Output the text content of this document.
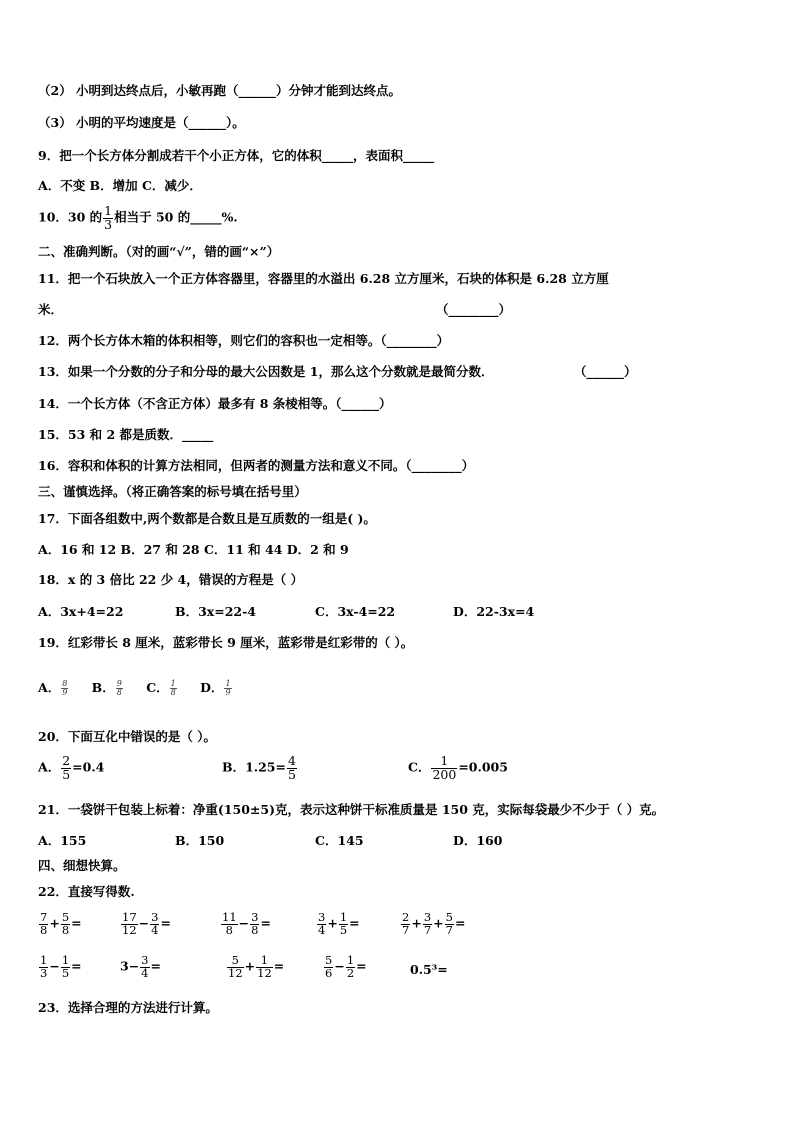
（2） 小明到达终点后，小敏再跑（______）分钟才能到达终点。
（3） 小明的平均速度是（______）。
9．把一个长方体分割成若干个小正方体，它的体积_____，表面积_____
A．不变 B．增加 C．减少．
10．30 的 $\frac{1}{3}$ 相当于 50 的_____%.
二、准确判断。（对的画“√”，错的画“×”）
11．把一个石块放入一个正方体容器里，容器里的水溢出 6.28 立方厘米，石块的体积是 6.28 立方厘
米．	（________）
12．两个长方体木箱的体积相等，则它们的容积也一定相等。（________）
13．如果一个分数的分子和分母的最大公因数是 1，那么这个分数就是最简分数．	（______）
14．一个长方体（不含正方体）最多有 8 条棱相等。（______）
15．53 和 2 都是质数．_____
16．容积和体积的计算方法相同，但两者的测量方法和意义不同。（________）
三、谨慎选择。（将正确答案的标号填在括号里）
17．下面各组数中,两个数都是合数且是互质数的一组是( )。
A．16 和 12 B．27 和 28 C．11 和 44 D．2 和 9
18．x 的 3 倍比 22 少 4，错误的方程是（ ）
A．3x+4=22	B．3x=22-4	C．3x-4=22	D．22-3x=4
19．红彩带长 8 厘米，蓝彩带长 9 厘米，蓝彩带是红彩带的（ ）。
A． $\frac{8}{9}$ B． $\frac{9}{8}$ C． $\frac{1}{8}$ D． $\frac{1}{9}$
20．下面互化中错误的是（ ）。
A． $\frac{2}{5} =0.4$	B．$1.25= \frac{4}{5}$	C． $\frac{1}{200} =0.005$
21．一袋饼干包装上标着：净重(150±5)克，表示这种饼干标准质量是 150 克，实际每袋最少不少于（ ）克。
A．155	B．150	C．145	D．160
四、细想快算。
22．直接写得数.
$\frac{7}{8} + \frac{5}{8}$ =	$\frac{17}{12} - \frac{3}{4}$ =	$\frac{11}{8} - \frac{3}{8}$ =	$\frac{3}{4} + \frac{1}{5}$ =	$\frac{2}{7} + \frac{3}{7} + \frac{5}{7}$ =
$\frac{1}{3} - \frac{1}{5}$ =	$3- \frac{3}{4}$ =	$\frac{5}{12} + \frac{1}{12}$ =	$\frac{5}{6} - \frac{1}{2}$ =	0.5³=
23．选择合理的方法进行计算。
